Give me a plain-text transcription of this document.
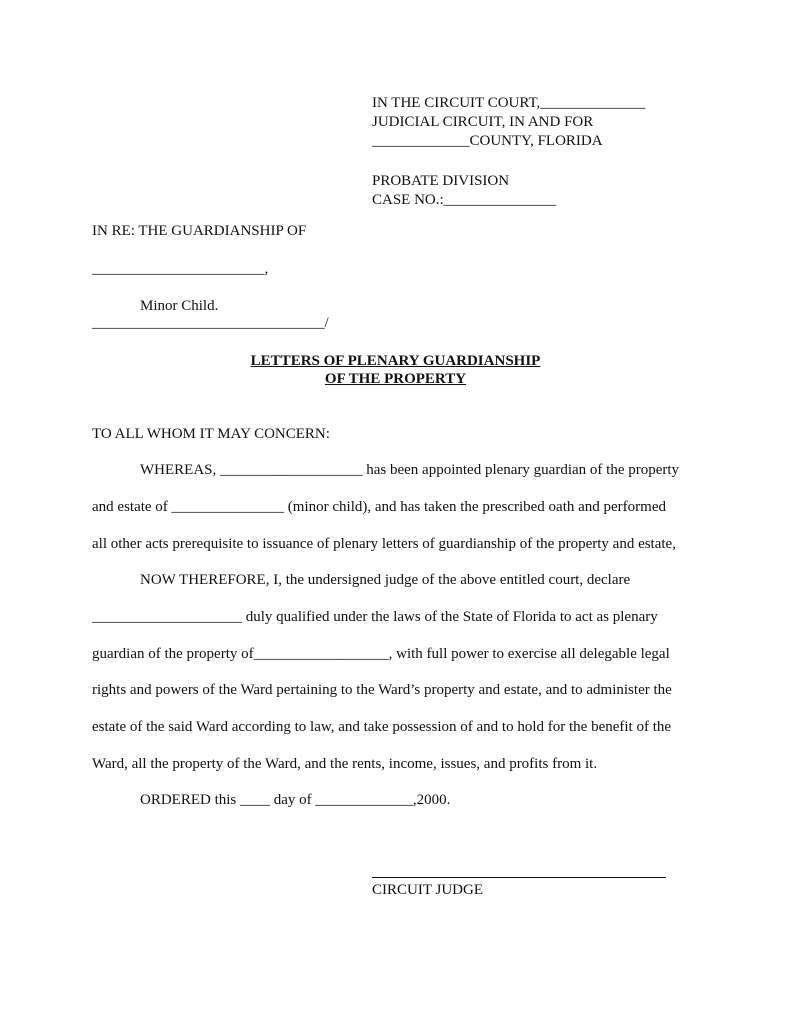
IN THE CIRCUIT COURT,______________
JUDICIAL CIRCUIT, IN AND FOR
_____________COUNTY, FLORIDA
PROBATE DIVISION
CASE NO.:_______________
IN RE: THE GUARDIANSHIP OF
_______________________,
Minor Child.
_______________________________/
LETTERS OF PLENARY GUARDIANSHIP
OF THE PROPERTY
TO ALL WHOM IT MAY CONCERN:
WHEREAS, ___________________ has been appointed plenary guardian of the property
and estate of _______________ (minor child), and has taken the prescribed oath and performed
all other acts prerequisite to issuance of plenary letters of guardianship of the property and estate,
NOW THEREFORE, I, the undersigned judge of the above entitled court, declare
____________________ duly qualified under the laws of the State of Florida to act as plenary
guardian of the property of__________________, with full power to exercise all delegable legal
rights and powers of the Ward pertaining to the Ward’s property and estate, and to administer the
estate of the said Ward according to law, and take possession of and to hold for the benefit of the
Ward, all the property of the Ward, and the rents, income, issues, and profits from it.
ORDERED this ____ day of _____________,2000.
CIRCUIT JUDGE
